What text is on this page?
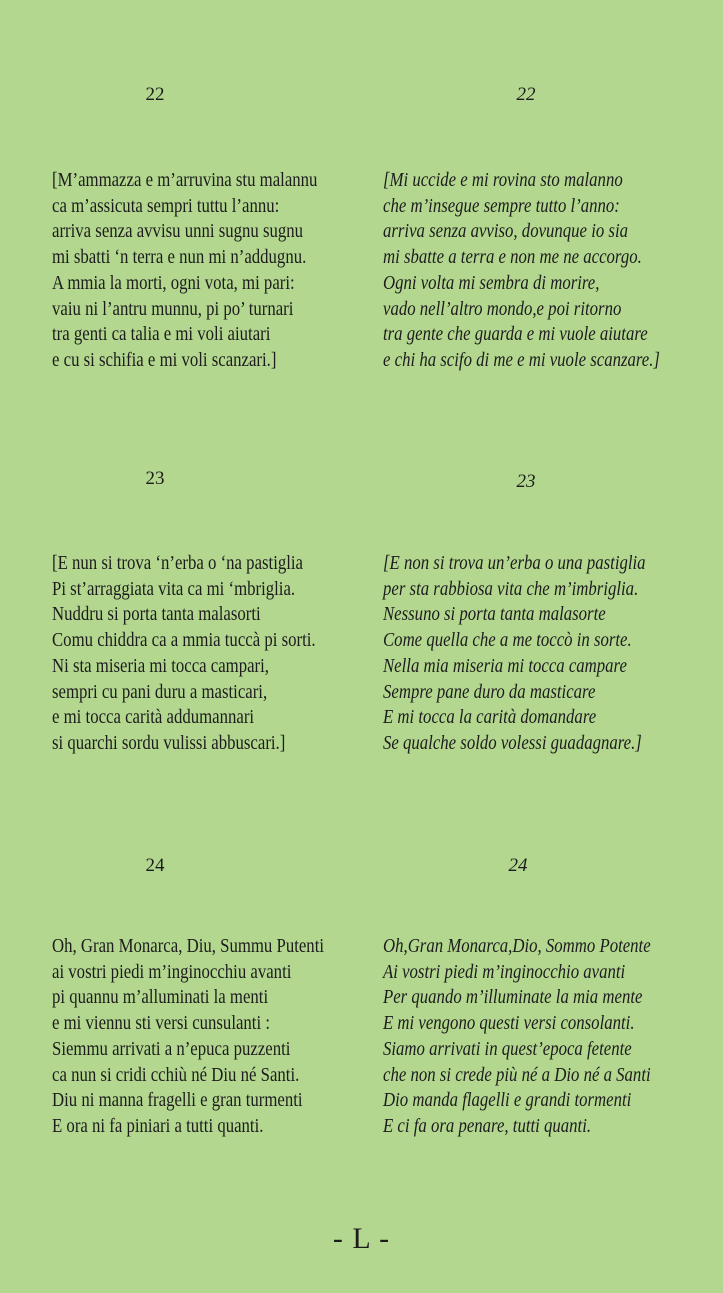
22	22
[M’ammazza e m’arruvina stu malannu
ca m’assicuta sempri tuttu l’annu:
arriva senza avvisu unni sugnu sugnu
mi sbatti ‘n terra e nun mi n’addugnu.
A mmia la morti, ogni vota, mi pari:
vaiu ni l’antru munnu, pi po’ turnari
tra genti ca talia e mi voli aiutari
e cu si schifia e mi voli scanzari.]
[Mi uccide e mi rovina sto malanno
che m’insegue sempre tutto l’anno:
arriva senza avviso, dovunque io sia
mi sbatte a terra e non me ne accorgo.
Ogni volta mi sembra di morire,
vado nell’altro mondo,e poi ritorno
tra gente che guarda e mi vuole aiutare
e chi ha scifo di me e mi vuole scanzare.]
23	23
[E nun si trova ‘n’erba o ‘na pastiglia
Pi st’arraggiata vita ca mi ‘mbriglia.
Nuddru si porta tanta malasorti
Comu chiddra ca a mmia tuccà pi sorti.
Ni sta miseria mi tocca campari,
sempri cu pani duru a masticari,
e mi tocca carità addumannari
si quarchi sordu vulissi abbuscari.]
[E non si trova un’erba o una pastiglia
per sta rabbiosa vita che m’imbriglia.
Nessuno si porta tanta malasorte
Come quella che a me toccò in sorte.
Nella mia miseria mi tocca campare
Sempre pane duro da masticare
E mi tocca la carità domandare
Se qualche soldo volessi guadagnare.]
24	24
Oh, Gran Monarca, Diu, Summu Putenti
ai vostri piedi m’inginocchiu avanti
pi quannu m’alluminati la menti
e mi viennu sti versi cunsulanti :
Siemmu arrivati a n’epuca puzzenti
ca nun si cridi cchiù né Diu né Santi.
Diu ni manna fragelli e gran turmenti
E ora ni fa piniari a tutti quanti.
Oh,Gran Monarca,Dio, Sommo Potente
Ai vostri piedi m’inginocchio avanti
Per quando m’illuminate la mia mente
E mi vengono questi versi consolanti.
Siamo arrivati in quest’epoca fetente
che non si crede più né a Dio né a Santi
Dio manda flagelli e grandi tormenti
E ci fa ora penare, tutti quanti.
- L -
